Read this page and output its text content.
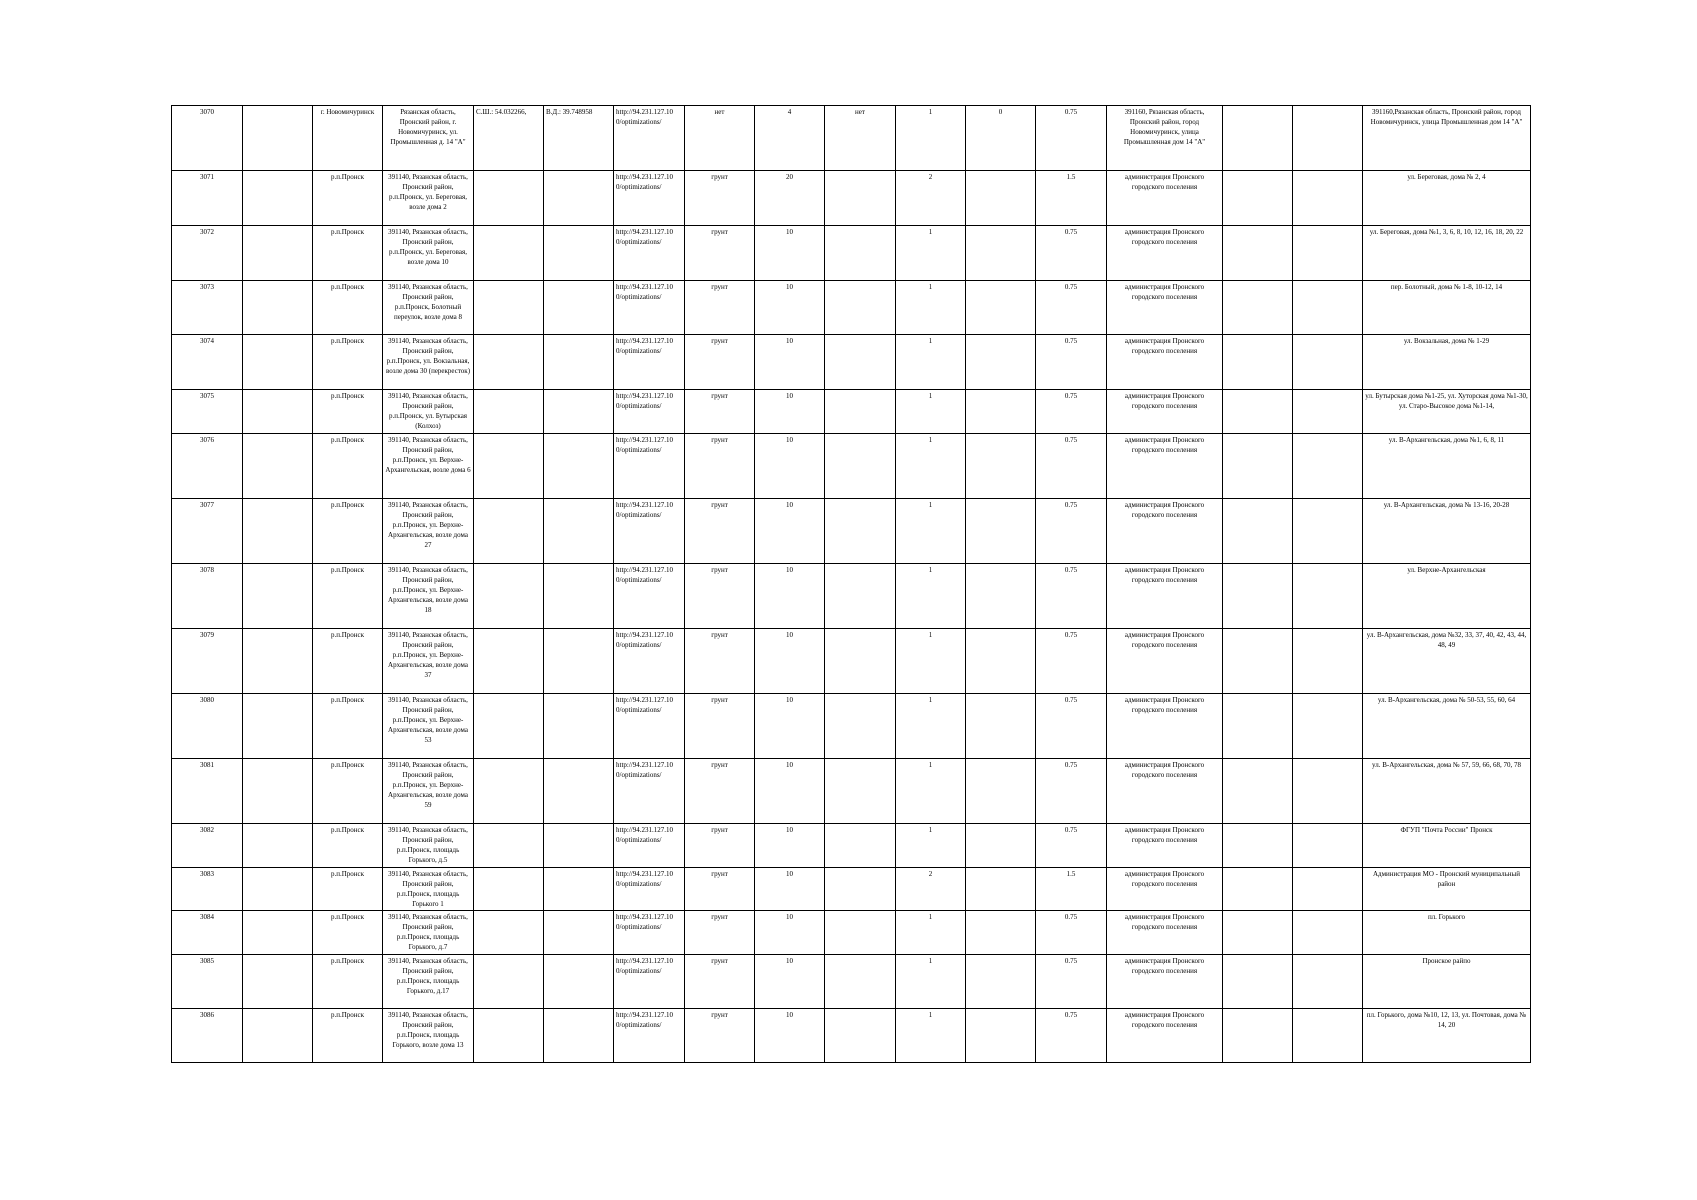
3070		г. Новомичуринск	Рязанская область, Пронский район, г. Новомичуринск, ул. Промышленная д. 14 "А"	С.Ш.: 54.032266,	В.Д.: 39.748958	http://94.231.127.10 0/optimizations/	нет	4	нет	1	0	0.75	391160, Рязанская область, Пронский район, город Новомичуринск, улица Промышленная дом 14 "А"			391160,Рязанская область, Пронский район, город Новомичуринск, улица Промышленная дом 14 "А"
3071		р.п.Пронск	391140, Рязанская область, Пронский район, р.п.Пронск, ул. Береговая, возле дома 2			http://94.231.127.10 0/optimizations/	грунт	20		2		1.5	администрация Пронского городского поселения			ул. Береговая, дома № 2, 4
3072		р.п.Пронск	391140, Рязанская область, Пронский район, р.п.Пронск, ул. Береговая, возле дома 10			http://94.231.127.10 0/optimizations/	грунт	10		1		0.75	администрация Пронского городского поселения			ул. Береговая, дома №1, 3, 6, 8, 10, 12, 16, 18, 20, 22
3073		р.п.Пронск	391140, Рязанская область, Пронский район, р.п.Пронск, Болотный переулок, возле дома 8			http://94.231.127.10 0/optimizations/	грунт	10		1		0.75	администрация Пронского городского поселения			пер. Болотный, дома № 1-8, 10-12, 14
3074		р.п.Пронск	391140, Рязанская область, Пронский район, р.п.Пронск, ул. Вокзальная, возле дома 30 (перекресток)			http://94.231.127.10 0/optimizations/	грунт	10		1		0.75	администрация Пронского городского поселения			ул. Вокзальная, дома № 1-29
3075		р.п.Пронск	391140, Рязанская область, Пронский район, р.п.Пронск, ул. Бутырская (Колхоз)			http://94.231.127.10 0/optimizations/	грунт	10		1		0.75	администрация Пронского городского поселения			ул. Бутырская дома №1-25, ул. Хуторская дома №1-30, ул. Старо-Высокое дома №1-14,
3076		р.п.Пронск	391140, Рязанская область, Пронский район, р.п.Пронск, ул. Верхне-Архангельская, возле дома 6			http://94.231.127.10 0/optimizations/	грунт	10		1		0.75	администрация Пронского городского поселения			ул. В-Архангельская, дома №1, 6, 8, 11
3077		р.п.Пронск	391140, Рязанская область, Пронский район, р.п.Пронск, ул. Верхне-Архангельская, возле дома 27			http://94.231.127.10 0/optimizations/	грунт	10		1		0.75	администрация Пронского городского поселения			ул. В-Архангельская, дома № 13-16, 20-28
3078		р.п.Пронск	391140, Рязанская область, Пронский район, р.п.Пронск, ул. Верхне-Архангельская, возле дома 18			http://94.231.127.10 0/optimizations/	грунт	10		1		0.75	администрация Пронского городского поселения			ул. Верхне-Архангельская
3079		р.п.Пронск	391140, Рязанская область, Пронский район, р.п.Пронск, ул. Верхне-Архангельская, возле дома 37			http://94.231.127.10 0/optimizations/	грунт	10		1		0.75	администрация Пронского городского поселения			ул. В-Архангельская, дома №32, 33, 37, 40, 42, 43, 44, 48, 49
3080		р.п.Пронск	391140, Рязанская область, Пронский район, р.п.Пронск, ул. Верхне-Архангельская, возле дома 53			http://94.231.127.10 0/optimizations/	грунт	10		1		0.75	администрация Пронского городского поселения			ул. В-Архангельская, дома № 50-53, 55, 60, 64
3081		р.п.Пронск	391140, Рязанская область, Пронский район, р.п.Пронск, ул. Верхне-Архангельская, возле дома 59			http://94.231.127.10 0/optimizations/	грунт	10		1		0.75	администрация Пронского городского поселения			ул. В-Архангельская, дома № 57, 59, 66, 68, 70, 78
3082		р.п.Пронск	391140, Рязанская область, Пронский район, р.п.Пронск, площадь Горького, д.5			http://94.231.127.10 0/optimizations/	грунт	10		1		0.75	администрация Пронского городского поселения			ФГУП "Почта России" Пронск
3083		р.п.Пронск	391140, Рязанская область, Пронский район, р.п.Пронск, площадь Горького 1			http://94.231.127.10 0/optimizations/	грунт	10		2		1.5	администрация Пронского городского поселения			Администрация МО - Пронский муниципальный район
3084		р.п.Пронск	391140, Рязанская область, Пронский район, р.п.Пронск, площадь Горького, д.7			http://94.231.127.10 0/optimizations/	грунт	10		1		0.75	администрация Пронского городского поселения			пл. Горького
3085		р.п.Пронск	391140, Рязанская область, Пронский район, р.п.Пронск, площадь Горького, д.17			http://94.231.127.10 0/optimizations/	грунт	10		1		0.75	администрация Пронского городского поселения			Пронское райпо
3086		р.п.Пронск	391140, Рязанская область, Пронский район, р.п.Пронск, площадь Горького, возле дома 13			http://94.231.127.10 0/optimizations/	грунт	10		1		0.75	администрация Пронского городского поселения			пл. Горького, дома №10, 12, 13, ул. Почтовая, дома № 14, 20
